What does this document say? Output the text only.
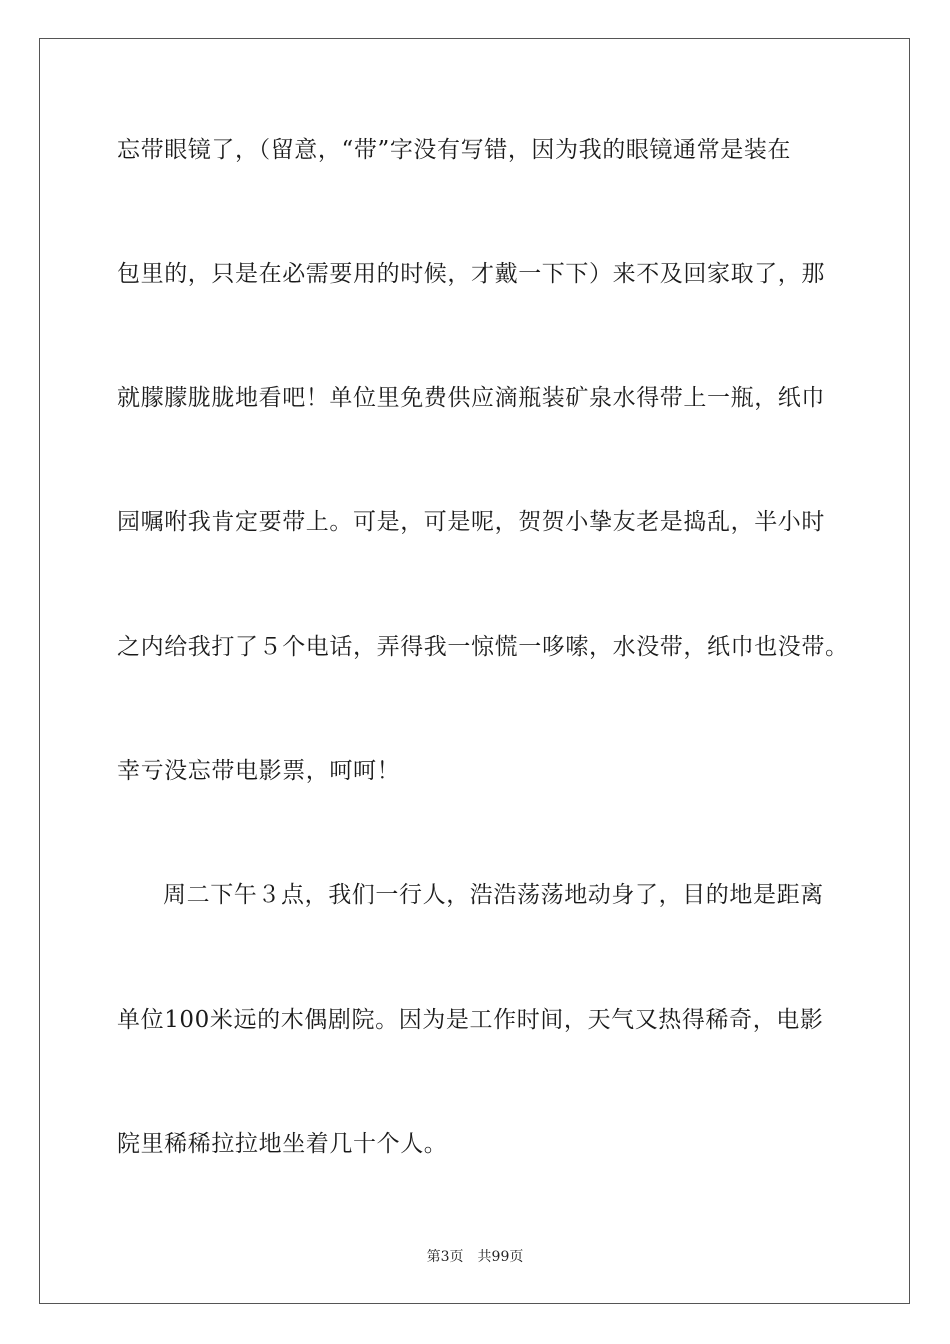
忘带眼镜了，（留意，“带”字没有写错，因为我的眼镜通常是装在
包里的，只是在必需要用的时候，才戴一下下）来不及回家取了，那
就朦朦胧胧地看吧！单位里免费供应滴瓶装矿泉水得带上一瓶，纸巾
园嘱咐我肯定要带上。可是，可是呢，贺贺小挚友老是捣乱，半小时
之内给我打了５个电话，弄得我一惊慌一哆嗦，水没带，纸巾也没带。
幸亏没忘带电影票，呵呵！
周二下午３点，我们一行人，浩浩荡荡地动身了，目的地是距离
单位100米远的木偶剧院。因为是工作时间，天气又热得稀奇，电影
院里稀稀拉拉地坐着几十个人。
第3页 共99页
